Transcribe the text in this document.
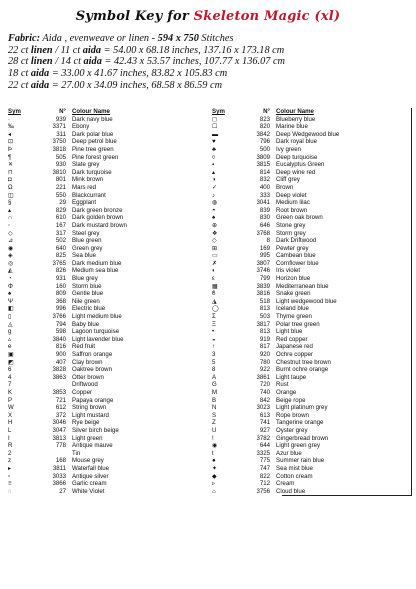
Symbol Key for Skeleton Magic (xl)
Fabric: Aida , evenweave or linen - 594 x 750 Stitches
22 ct linen / 11 ct aida = 54.00 x 68.18 inches, 137.16 x 173.18 cm
28 ct linen / 14 ct aida = 42.43 x 53.57 inches, 107.77 x 136.07 cm
18 ct aida = 33.00 x 41.67 inches, 83.82 x 105.83 cm
22 ct aida = 27.00 x 34.09 inches, 68.58 x 86.59 cm
Sym	N° Colour Name
·	939 Dark navy blue
‰	3371 Ebony
◂	311 Dark polar blue
⊡	3750 Deep petrol blue
Þ	3818 Pine tree green
¶	505 Pine forest green
✕	930 Slate grey
⊓	3810 Dark turquoise
◘	801 Mink brown
Ω	221 Mars red
◫	550 Blackcurrant
§	29 Eggplant
▴	829 Dark green bronze
∩	610 Dark golden brown
◦	167 Dark mustard brown
◇	317 Steel grey
⊿	502 Blue green
◉	640 Green grey
◈	825 Sea blue
◎	3765 Dark medium blue
◭	826 Medium sea blue
◔	931 Blue grey
Φ	160 Storm blue
♠	809 Gentle blue
Ψ	368 Nile green
◧	996 Electric blue
▯	3766 Light medium blue
◬	794 Baby blue
g	598 Lagoon turquoise
▵	3840 Light lavender blue
e	816 Red fruit
▣	900 Saffron orange
◩	407 Clay brown
6	3828 Oaktree brown
4	3863 Otter brown
7	Driftwood
K	3853 Copper
P	721 Papaya orange
W	612 String brown
X	372 Light mustard
H	3046 Rye beige
L	3047 Silver birch beige
I	3813 Light green
R	778 Antique mauve
2	Tin
z	168 Mouse grey
▸	3811 Waterfall blue
▫	3033 Antique silver
≡	3866 Garlic cream
◌	27 White Violet
Sym	N° Colour Name
◻	823 Blueberry blue
☐	820 Marine blue
▬	3842 Deep Wedgewood blue
♥	796 Dark royal blue
♣	500 Ivy green
◊	3809 Deep turquoise
▪	3815 Eucalyptus Green
▴	814 Deep wine red
◑	832 Cliff grey
✓	400 Brown
♪	333 Deep violet
◍	3041 Medium lilac
◓	839 Root brown
♠	830 Green oak brown
⊕	646 Stone grey
❖	3768 Storm grey
◇	8 Dark Driftwood
⊞	169 Pewter grey
▭	995 Cambean blue
✗	3807 Cornflower blue
◐	3746 Iris violet
ε	799 Horizon blue
▦	3839 Mediterranean blue
ϐ	3816 Snake green
◮	518 Light wedgewood blue
◯	813 Iceland blue
Σ	503 Thyme green
Ξ	3817 Polar tree green
•	813 Light blue
◒	919 Red copper
↑	817 Japanese red
3	920 Ochre copper
5	780 Chestnut tree brown
8	922 Burnt ochre orange
A	3861 Light taupe
G	720 Rust
M	740 Orange
B	842 Beige rope
N	3023 Light platinum grey
S	613 Rope brown
Z	741 Tangerine orange
U	927 Oyster grey
!	3782 Gingerbread brown
◉	644 Light green grey
t	3325 Azur blue
●	775 Summer rain blue
✦	747 Sea mist blue
◆	822 Cotton cream
▹	712 Cream
⌂	3756 Cloud blue
